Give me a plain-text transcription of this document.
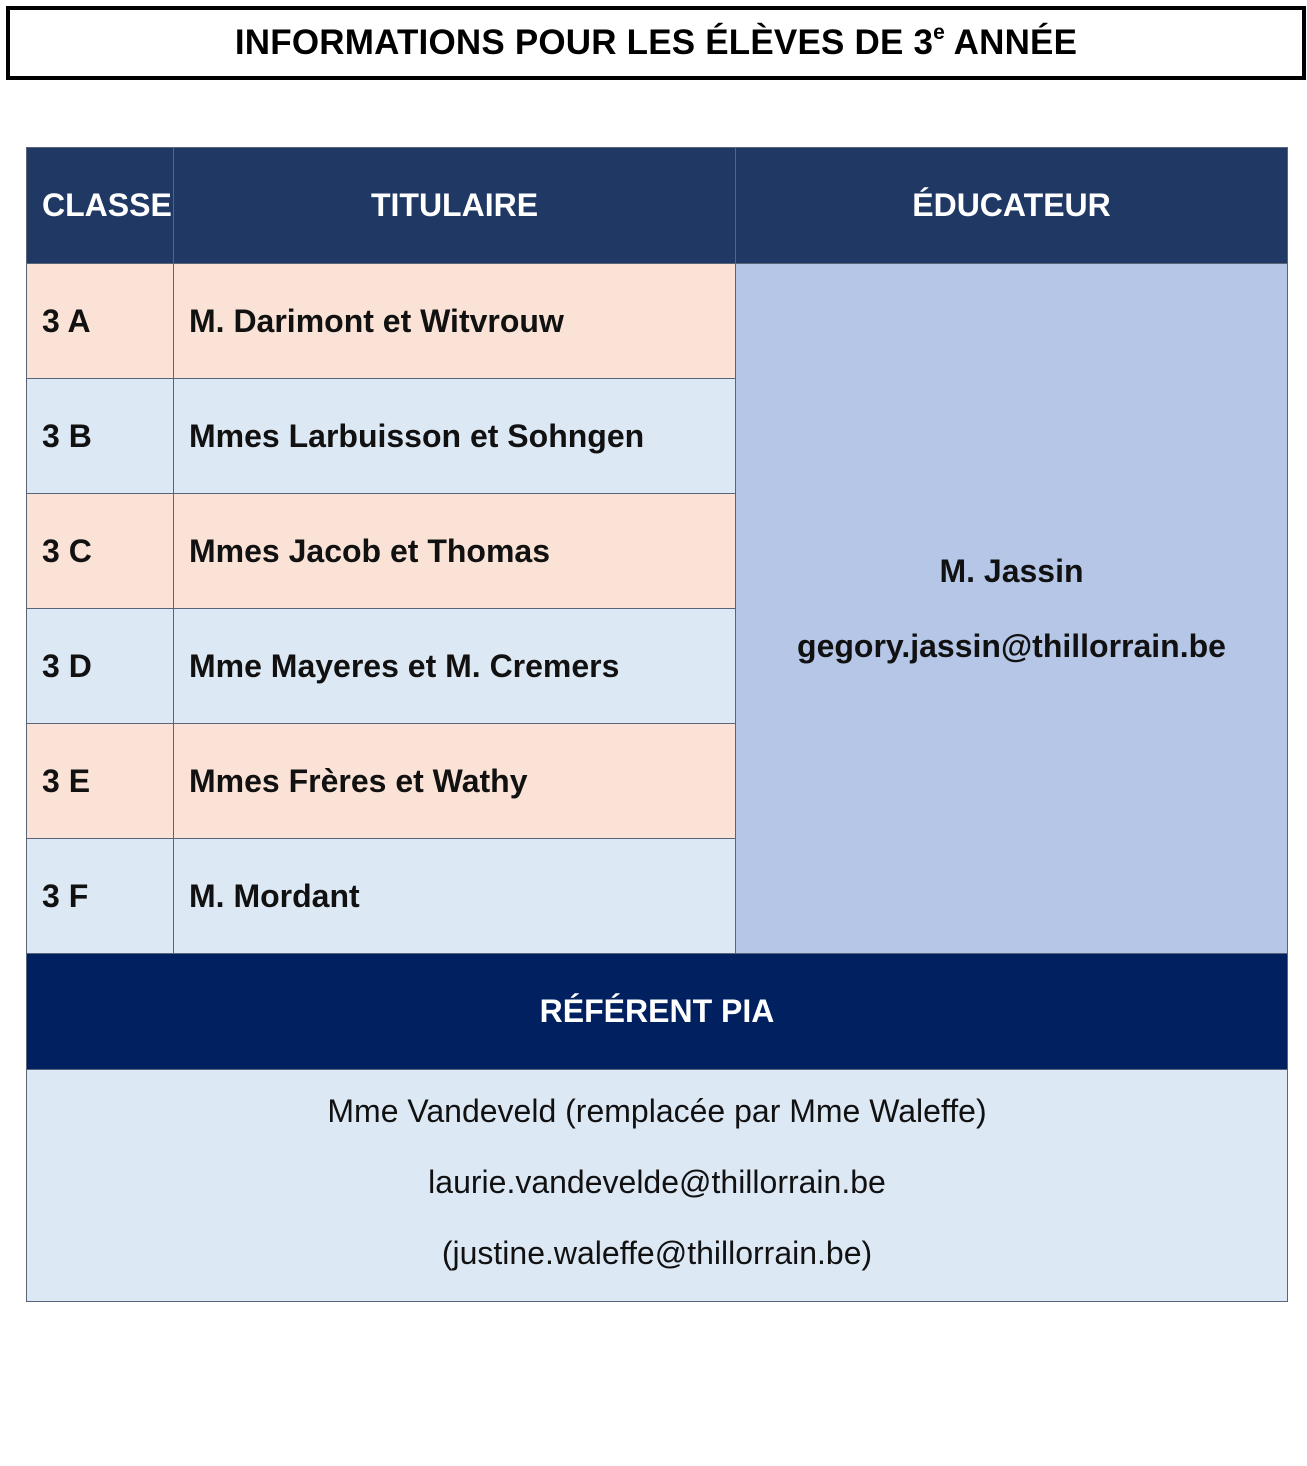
INFORMATIONS POUR LES ÉLÈVES DE 3e ANNÉE
CLASSE	TITULAIRE	ÉDUCATEUR
3 A	M. Darimont et Witvrouw	M. Jassin
gegory.jassin@thillorrain.be

3 B	Mmes Larbuisson et Sohngen	
3 C	Mmes Jacob et Thomas	
3 D	Mme Mayeres et M. Cremers	
3 E	Mmes Frères et Wathy	
3 F	M. Mordant	
RÉFÉRENT PIA		

Mme Vandeveld (remplacée par Mme Waleffe)
laurie.vandevelde@thillorrain.be
(justine.waleffe@thillorrain.be)		
